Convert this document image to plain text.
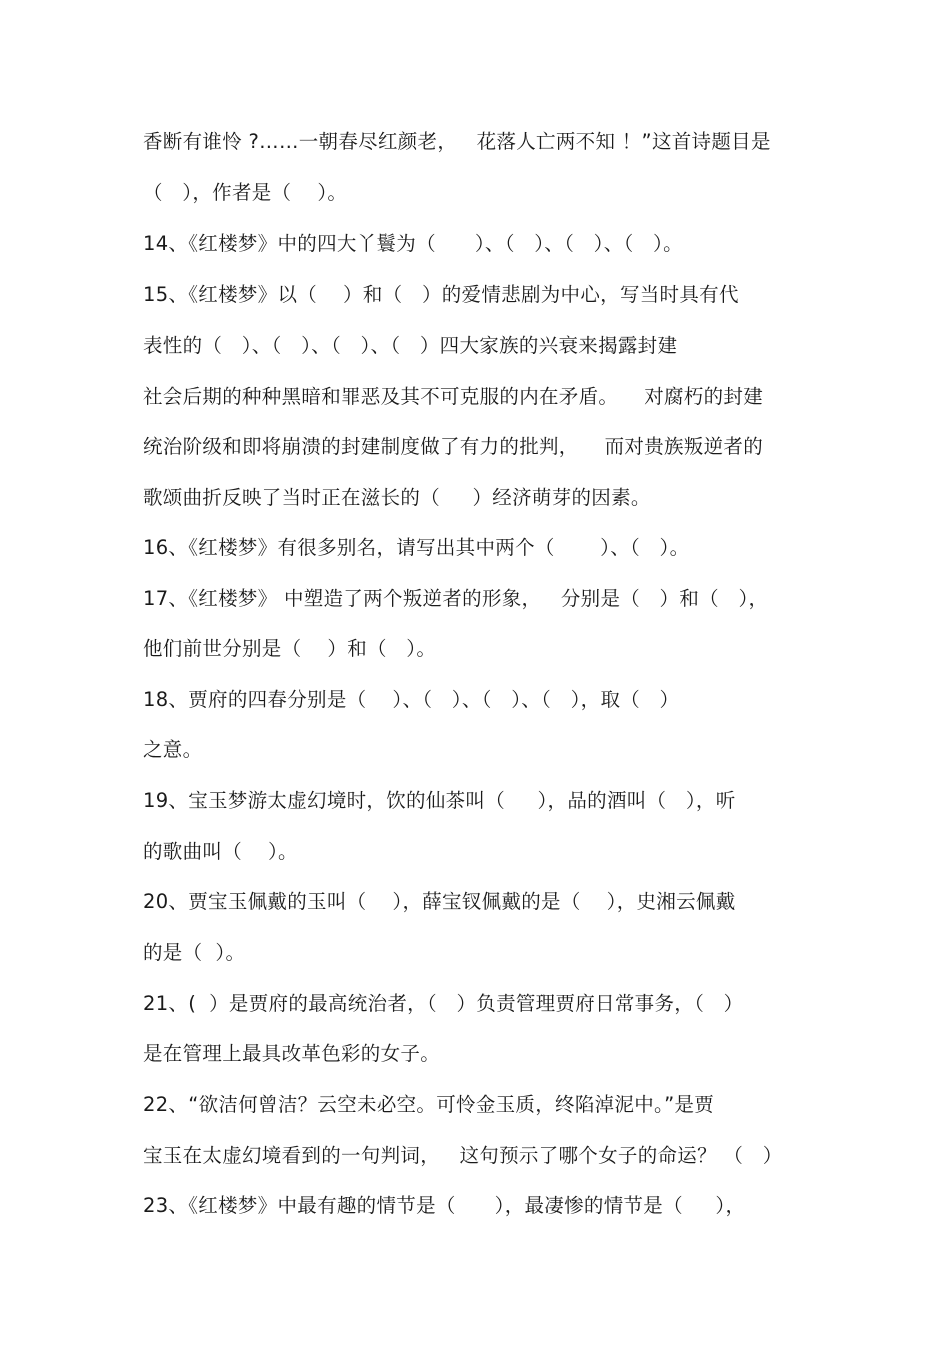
香断有谁怜 ?……一朝春尽红颜老，   花落人亡两不知 ！”这首诗题目是
（   ），作者是（    ）。
14、《红楼梦》中的四大丫鬟为（      ）、（   ）、（   ）、（   ）。
15、《红楼梦》以（    ）和（   ）的爱情悲剧为中心，写当时具有代
表性的（   ）、（   ）、（   ）、（   ）四大家族的兴衰来揭露封建
社会后期的种种黑暗和罪恶及其不可克服的内在矛盾。    对腐朽的封建
统治阶级和即将崩溃的封建制度做了有力的批判，    而对贵族叛逆者的
歌颂曲折反映了当时正在滋长的（     ）经济萌芽的因素。
16、《红楼梦》有很多别名，请写出其中两个（       ）、（   ）。
17、《红楼梦》 中塑造了两个叛逆者的形象，   分别是（   ）和（   ），
他们前世分别是（    ）和（   ）。
18、贾府的四春分别是（    ）、（   ）、（   ）、（   ），取（   ）
之意。
19、宝玉梦游太虚幻境时，饮的仙茶叫（     ），品的酒叫（   ），听
的歌曲叫（    ）。
20、贾宝玉佩戴的玉叫（    ），薛宝钗佩戴的是（    ），史湘云佩戴
的是（  ）。
21、(  ）是贾府的最高统治者，（   ）负责管理贾府日常事务，（   ）
是在管理上最具改革色彩的女子。
22、“欲洁何曾洁？云空未必空。可怜金玉质，终陷淖泥中。”是贾
宝玉在太虚幻境看到的一句判词，   这句预示了哪个女子的命运？ （   ）
23、《红楼梦》中最有趣的情节是（      ），最凄惨的情节是（     ），
